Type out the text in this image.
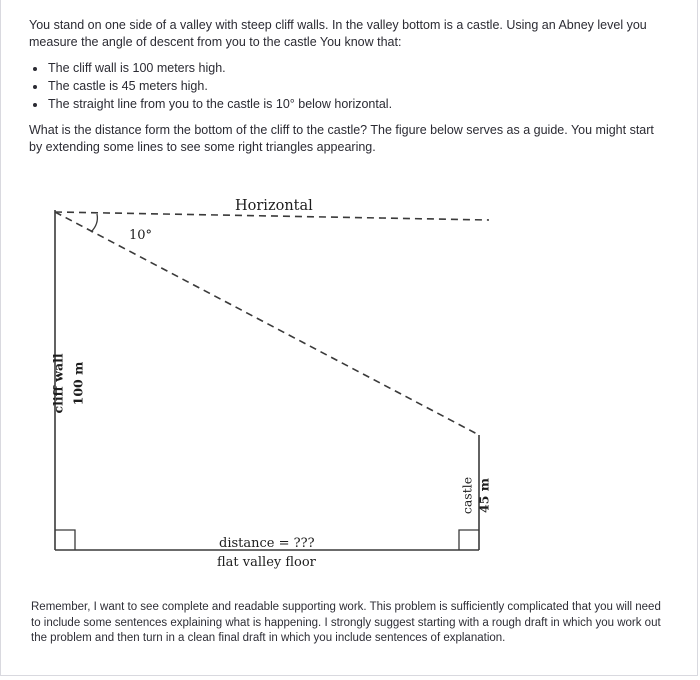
You stand on one side of a valley with steep cliff walls. In the valley bottom is a castle. Using an Abney level you measure the angle of descent from you to the castle You know that:

• The cliff wall is 100 meters high.
• The castle is 45 meters high.
• The straight line from you to the castle is 10° below horizontal.

What is the distance form the bottom of the cliff to the castle? The figure below serves as a guide. You might start by extending some lines to see some right triangles appearing.

Horizontal
10°
cliff wall 100 m
castle 45 m
distance = ???
flat valley floor

Remember, I want to see complete and readable supporting work. This problem is sufficiently complicated that you will need to include some sentences explaining what is happening. I strongly suggest starting with a rough draft in which you work out the problem and then turn in a clean final draft in which you include sentences of explanation.
